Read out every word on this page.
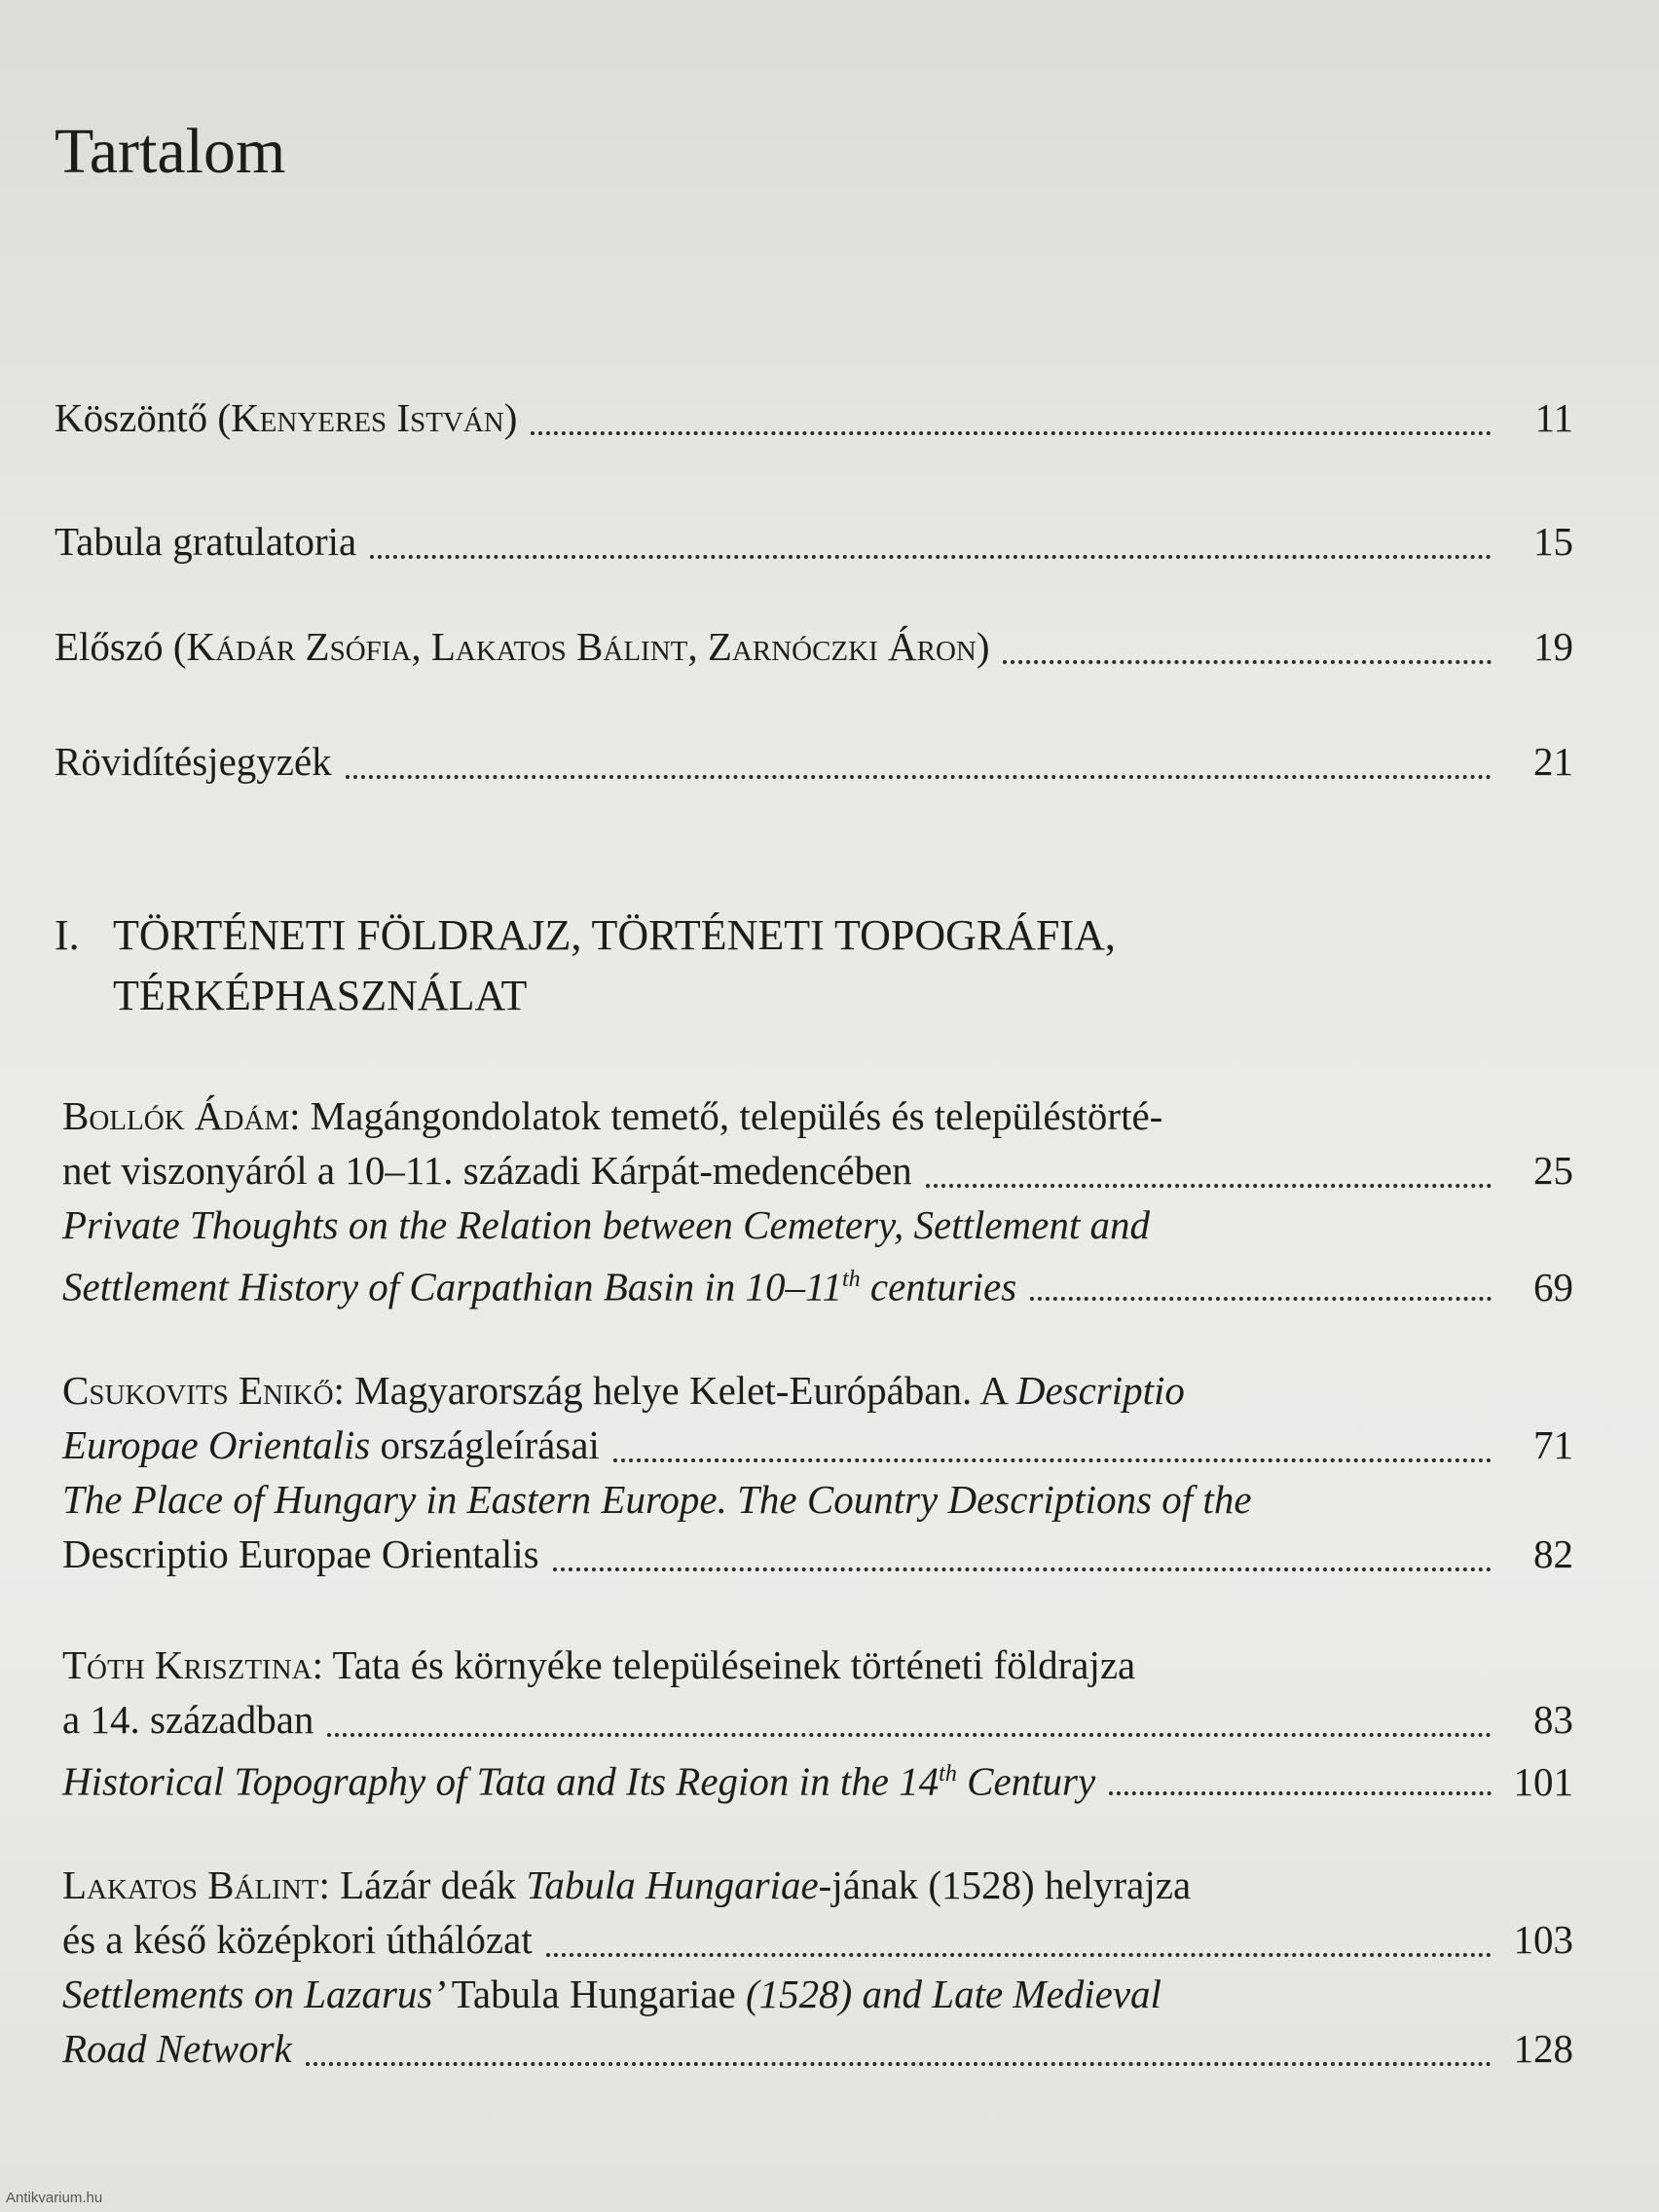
Tartalom
Köszöntő (Kenyeres István)	11
Tabula gratulatoria	15
Előszó (Kádár Zsófia, Lakatos Bálint, Zarnóczki Áron)	19
Rövidítésjegyzék	21
I. TÖRTÉNETI FÖLDRAJZ, TÖRTÉNETI TOPOGRÁFIA,
TÉRKÉPHASZNÁLAT
Bollók Ádám: Magángondolatok temető, település és településtörté-
net viszonyáról a 10–11. századi Kárpát-medencében	25
Private Thoughts on the Relation between Cemetery, Settlement and
Settlement History of Carpathian Basin in 10–11th centuries	69
Csukovits Enikő: Magyarország helye Kelet-Európában. A Descriptio
Europae Orientalis országleírásai	71
The Place of Hungary in Eastern Europe. The Country Descriptions of the
Descriptio Europae Orientalis	82
Tóth Krisztina: Tata és környéke településeinek történeti földrajza
a 14. században	83
Historical Topography of Tata and Its Region in the 14th Century	101
Lakatos Bálint: Lázár deák Tabula Hungariae-jának (1528) helyrajza
és a késő középkori úthálózat	103
Settlements on Lazarus’ Tabula Hungariae (1528) and Late Medieval
Road Network	128
Antikvarium.hu
